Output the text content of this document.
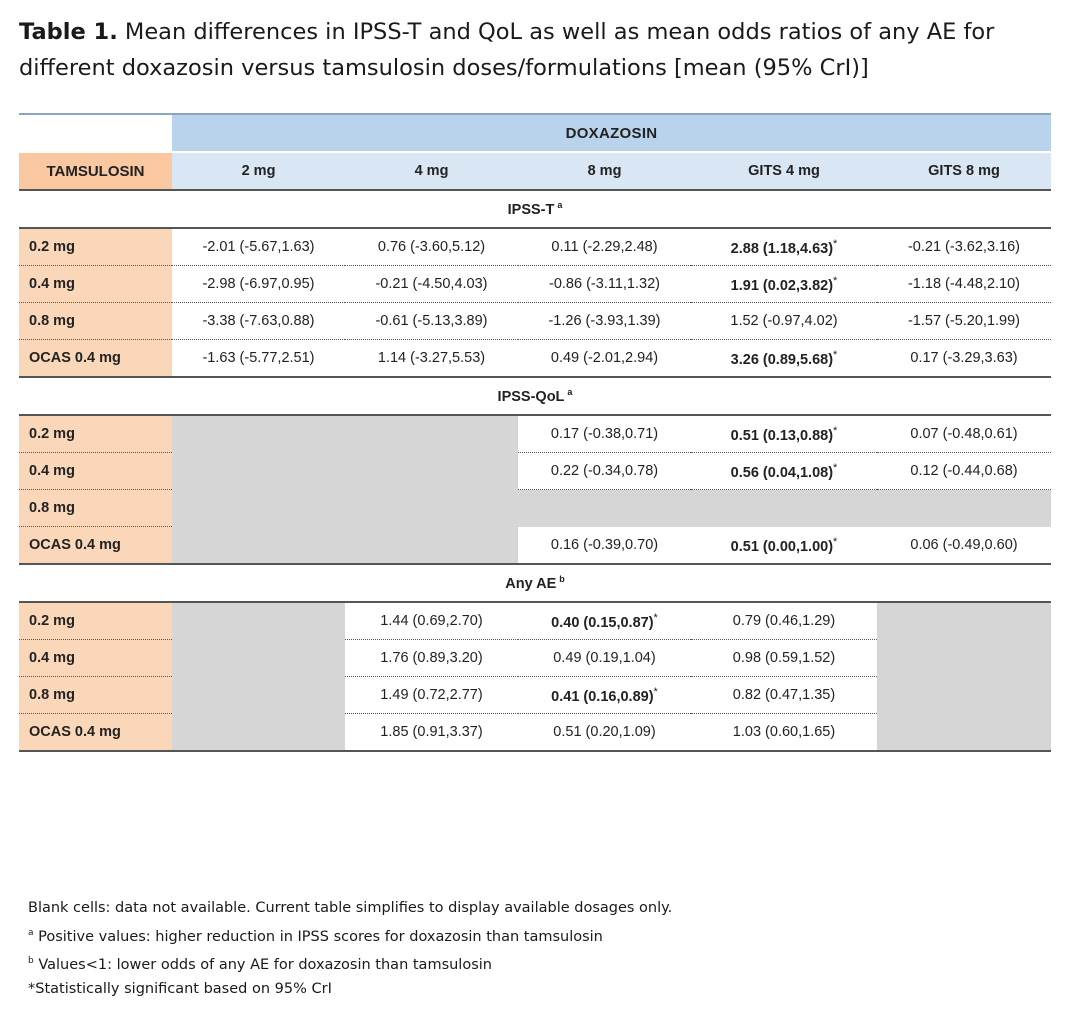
Table 1. Mean differences in IPSS-T and QoL as well as mean odds ratios of any AE for different doxazosin versus tamsulosin doses/formulations [mean (95% CrI)]
	DOXAZOSIN				
TAMSULOSIN	2 mg	4 mg	8 mg	GITS 4 mg	GITS 8 mg
IPSS-T $^a$
0.2 mg	-2.01 (-5.67,1.63)	0.76 (-3.60,5.12)	0.11 (-2.29,2.48)	2.88 (1.18,4.63) *	-0.21 (-3.62,3.16)
0.4 mg	-2.98 (-6.97,0.95)	-0.21 (-4.50,4.03)	-0.86 (-3.11,1.32)	1.91 (0.02,3.82) *	-1.18 (-4.48,2.10)
0.8 mg	-3.38 (-7.63,0.88)	-0.61 (-5.13,3.89)	-1.26 (-3.93,1.39)	1.52 (-0.97,4.02)	-1.57 (-5.20,1.99)
OCAS 0.4 mg	-1.63 (-5.77,2.51)	1.14 (-3.27,5.53)	0.49 (-2.01,2.94)	3.26 (0.89,5.68) *	0.17 (-3.29,3.63)
IPSS-QoL $^a$
0.2 mg			0.17 (-0.38,0.71)	0.51 (0.13,0.88) *	0.07 (-0.48,0.61)
0.4 mg			0.22 (-0.34,0.78)	0.56 (0.04,1.08) *	0.12 (-0.44,0.68)
0.8 mg					
OCAS 0.4 mg			0.16 (-0.39,0.70)	0.51 (0.00,1.00) *	0.06 (-0.49,0.60)
Any AE $^b$
0.2 mg		1.44 (0.69,2.70)	0.40 (0.15,0.87) *	0.79 (0.46,1.29)	
0.4 mg		1.76 (0.89,3.20)	0.49 (0.19,1.04)	0.98 (0.59,1.52)	
0.8 mg		1.49 (0.72,2.77)	0.41 (0.16,0.89) *	0.82 (0.47,1.35)	
OCAS 0.4 mg		1.85 (0.91,3.37)	0.51 (0.20,1.09)	1.03 (0.60,1.65)	
Blank cells: data not available. Current table simplifies to display available dosages only.
$^a$ Positive values: higher reduction in IPSS scores for doxazosin than tamsulosin
$^b$ Values<1: lower odds of any AE for doxazosin than tamsulosin
*Statistically significant based on 95% CrI
